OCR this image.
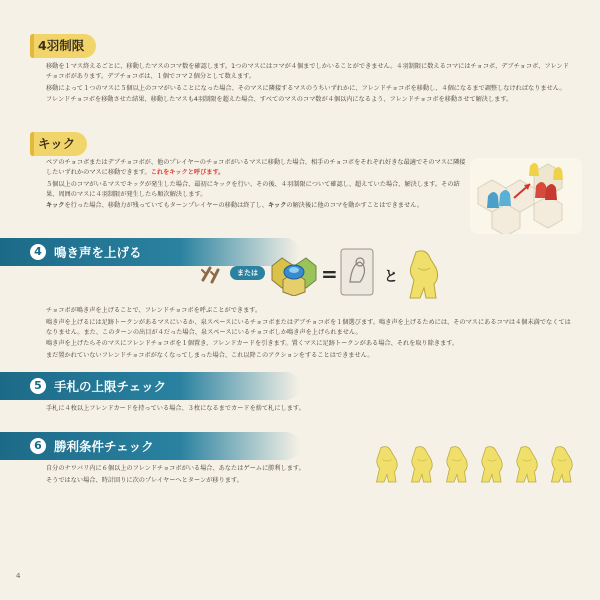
4羽制限

移動を１マス終えるごとに、移動したマスのコマ数を確認します。1つのマスにはコマが４個までしかいることができません。４羽制限に数えるコマにはチョコボ、デブチョコボ、フレンドチョコボがあります。デブチョコボは、１個でコマ２個分として数えます。

移動によって１つのマスに５個以上のコマがいることになった場合、そのマスに隣接するマスのうちいずれかに、フレンドチョコボを移動し、４個になるまで調整しなければなりません。

フレンドチョコボを移動させた結果、移動したマスも4羽制限を超えた場合、すべてのマスのコマ数が４個以内になるよう、フレンドチョコボを移動させて解決します。

キック

ペアのチョコボまたはデブチョコボが、他のプレイヤーのチョコボがいるマスに移動した場合、相手のチョコボをそれぞれ好きな最適でそのマスに隣接したいずれかのマスに移動できます。これをキックと呼びます。

５個以上のコマがいるマスでキックが発生した場合、最初にキックを行い、その後、４羽制限について確認し、超えていた場合、解決します。その結果、周囲のマスに４羽制限が発生したら順次解決します。

キックを行った場合、移動力が残っていてもターンプレイヤーの移動は終了し、キックの解決後に他のコマを動かすことはできません。

4 鳴き声を上げる
または	=	と

チョコボが鳴き声を上げることで、フレンドチョコボを呼ぶことができます。

鳴き声を上げるには足跡トークンがあるマスにいるか、泉スペースにいるチョコボまたはデブチョコボを１個選びます。鳴き声を上げるためには、そのマスにあるコマは４個未満でなくてはなりません。また、このターンの出目が４だった場合、泉スペースにいるチョコボしか鳴き声を上げられません。

鳴き声を上げたらそのマスにフレンドチョコボを１個置き、フレンドカードを引きます。置くマスに足跡トークンがある場合、それを取り除きます。

まだ置かれていないフレンドチョコボがなくなってしまった場合、これ以降このアクションをすることはできません。

5 手札の上限チェック

手札に４枚以上フレンドカードを持っている場合、３枚になるまでカードを捨て札にします。

6 勝利条件チェック

自分のナワバリ内に６個以上のフレンドチョコボがいる場合、あなたはゲームに勝利します。

そうではない場合、時計回りに次のプレイヤーへとターンが移ります。

4
